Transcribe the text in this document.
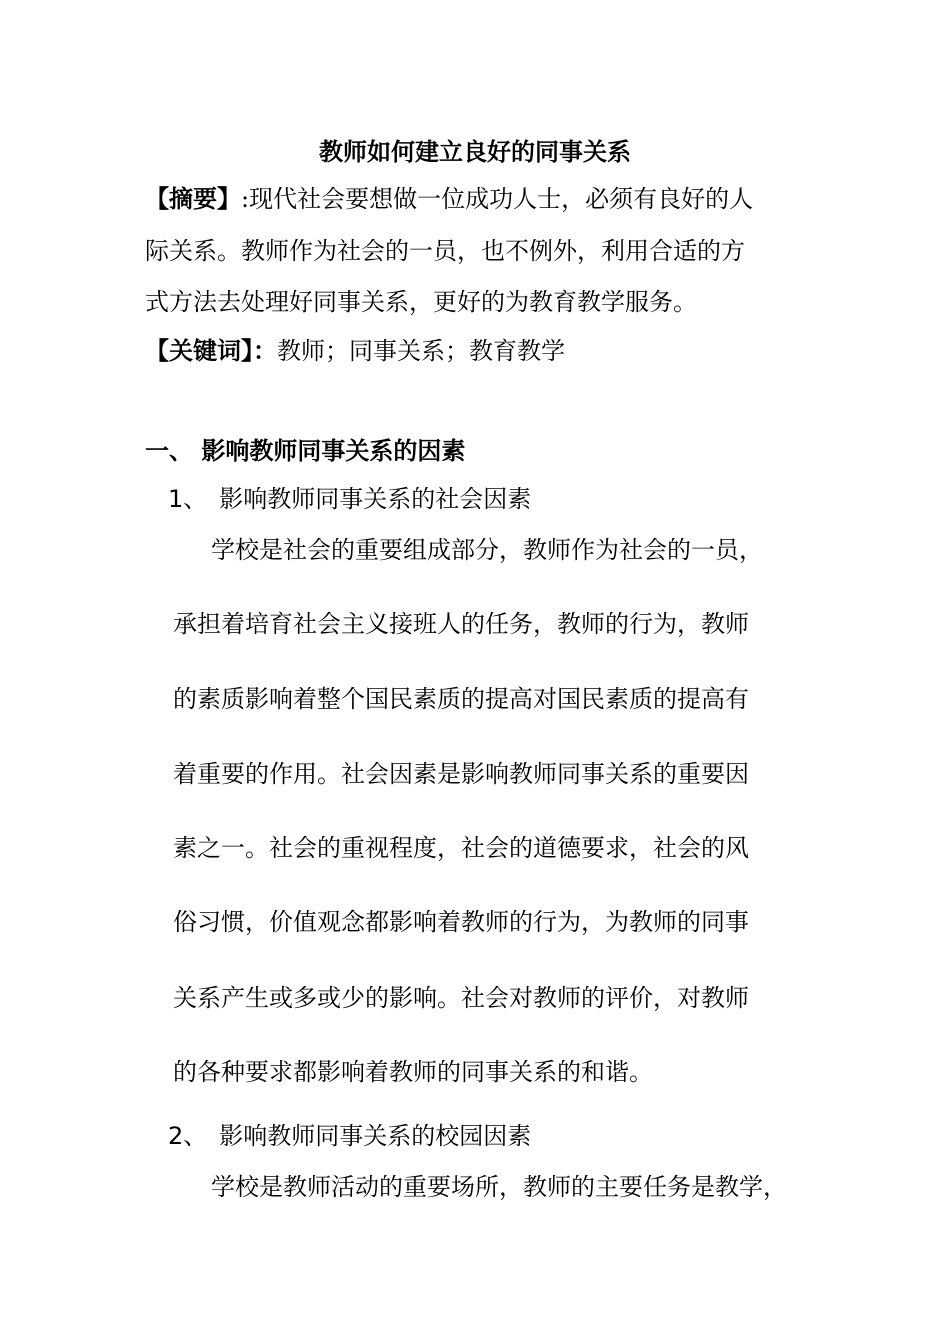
教师如何建立良好的同事关系
【摘要】:现代社会要想做一位成功人士，必须有良好的人
际关系。教师作为社会的一员，也不例外，利用合适的方
式方法去处理好同事关系，更好的为教育教学服务。
【关键词】：教师；同事关系；教育教学
一、 影响教师同事关系的因素
1、 影响教师同事关系的社会因素
学校是社会的重要组成部分，教师作为社会的一员，
承担着培育社会主义接班人的任务，教师的行为，教师
的素质影响着整个国民素质的提高对国民素质的提高有
着重要的作用。社会因素是影响教师同事关系的重要因
素之一。社会的重视程度，社会的道德要求，社会的风
俗习惯，价值观念都影响着教师的行为，为教师的同事
关系产生或多或少的影响。社会对教师的评价，对教师
的各种要求都影响着教师的同事关系的和谐。
2、 影响教师同事关系的校园因素
学校是教师活动的重要场所，教师的主要任务是教学，
